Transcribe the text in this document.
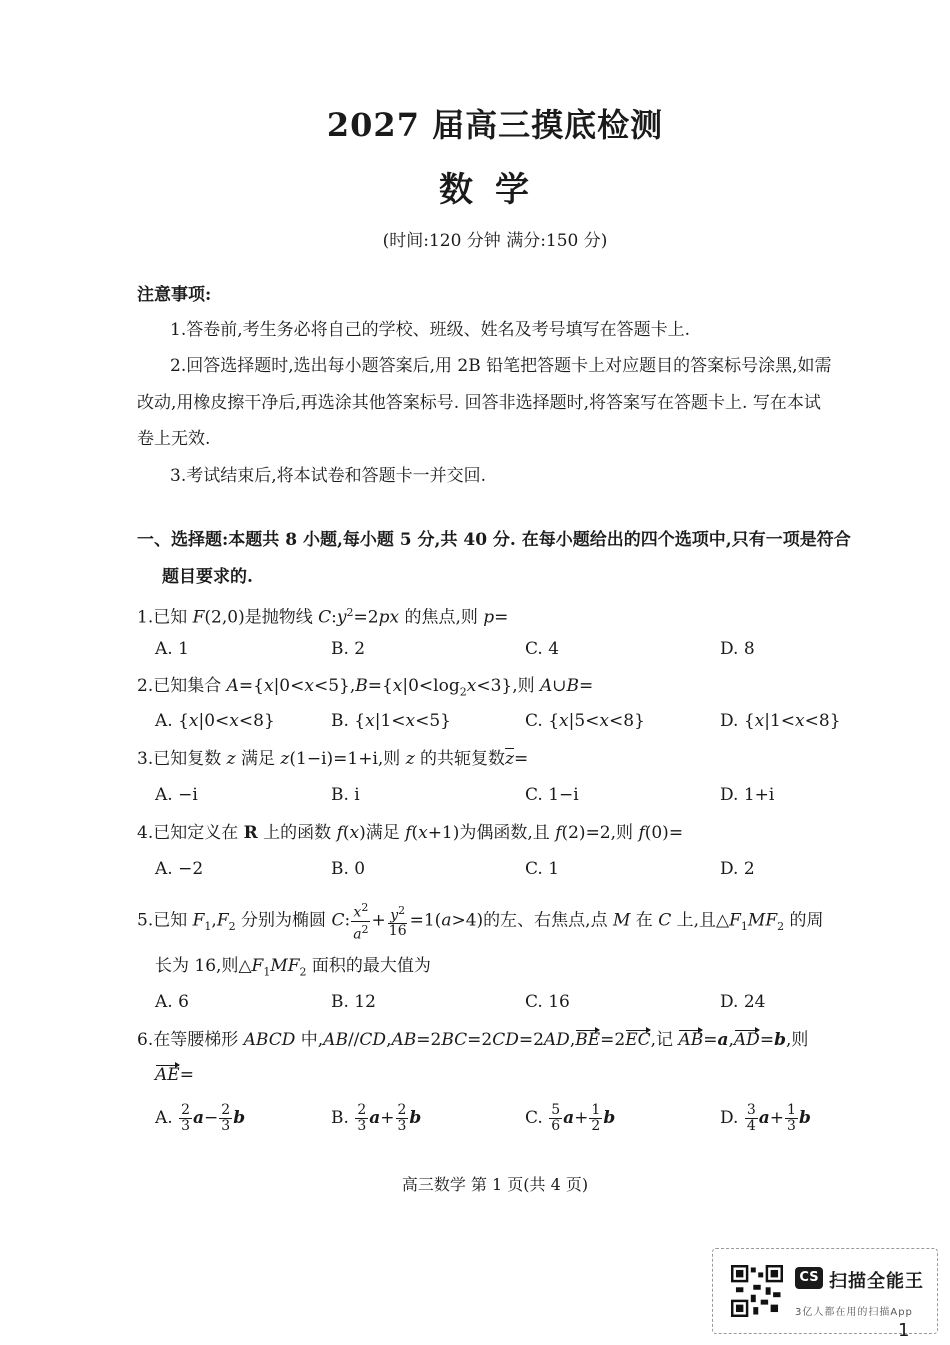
2027 届高三摸底检测
数学
(时间:120 分钟 满分:150 分)
注意事项:
1.答卷前,考生务必将自己的学校、班级、姓名及考号填写在答题卡上.
2.回答选择题时,选出每小题答案后,用 2B 铅笔把答题卡上对应题目的答案标号涂黑,如需
改动,用橡皮擦干净后,再选涂其他答案标号. 回答非选择题时,将答案写在答题卡上. 写在本试
卷上无效.
3.考试结束后,将本试卷和答题卡一并交回.
一、选择题:本题共 8 小题,每小题 5 分,共 40 分. 在每小题给出的四个选项中,只有一项是符合
题目要求的.
1.已知 F(2,0)是抛物线 $C:y^2=2px$ 的焦点,则 p=
A. 1	B. 2	C. 4	D. 8
2.已知集合 $A=\{x|0<x<5\},B=\{x|0<\log_2x<3\}$,则 A∪B=
A. {x|0<x<8}	B. {x|1<x<5}	C. {x|5<x<8}	D. {x|1<x<8}
3.已知复数 z 满足 z(1−i)=1+i,则 z 的共轭复数$\overline{z}=$
A. −i	B. i	C. 1−i	D. 1+i
4.已知定义在 R 上的函数 f(x)满足 f(x+1)为偶函数,且 f(2)=2,则 f(0)=
A. −2	B. 0	C. 1	D. 2
5.已知 $F_1,F_2$ 分别为椭圆 C: $\frac{x^2}{a^2} + \frac{y^2}{16} =1(a>4)$的左、右焦点,点 M 在 C 上,且$\triangle F_1MF_2$ 的周
长为 16,则$\triangle F_1MF_2$ 面积的最大值为
A. 6	B. 12	C. 16	D. 24
6.在等腰梯形 ABCD 中,AB//CD,AB=2BC=2CD=2AD,BE=2EC,记 AB=a,AD=b,则
AE=
A. $\frac{2}{3} a- \frac{2}{3}$ b	B. $\frac{2}{3} a+ \frac{2}{3}$ b	C. $\frac{5}{6} a+ \frac{1}{2}$ b	D. $\frac{3}{4} a+ \frac{1}{3}$ b
高三数学 第 1 页(共 4 页)
CS 扫描全能王
3亿人都在用的扫描App
1
